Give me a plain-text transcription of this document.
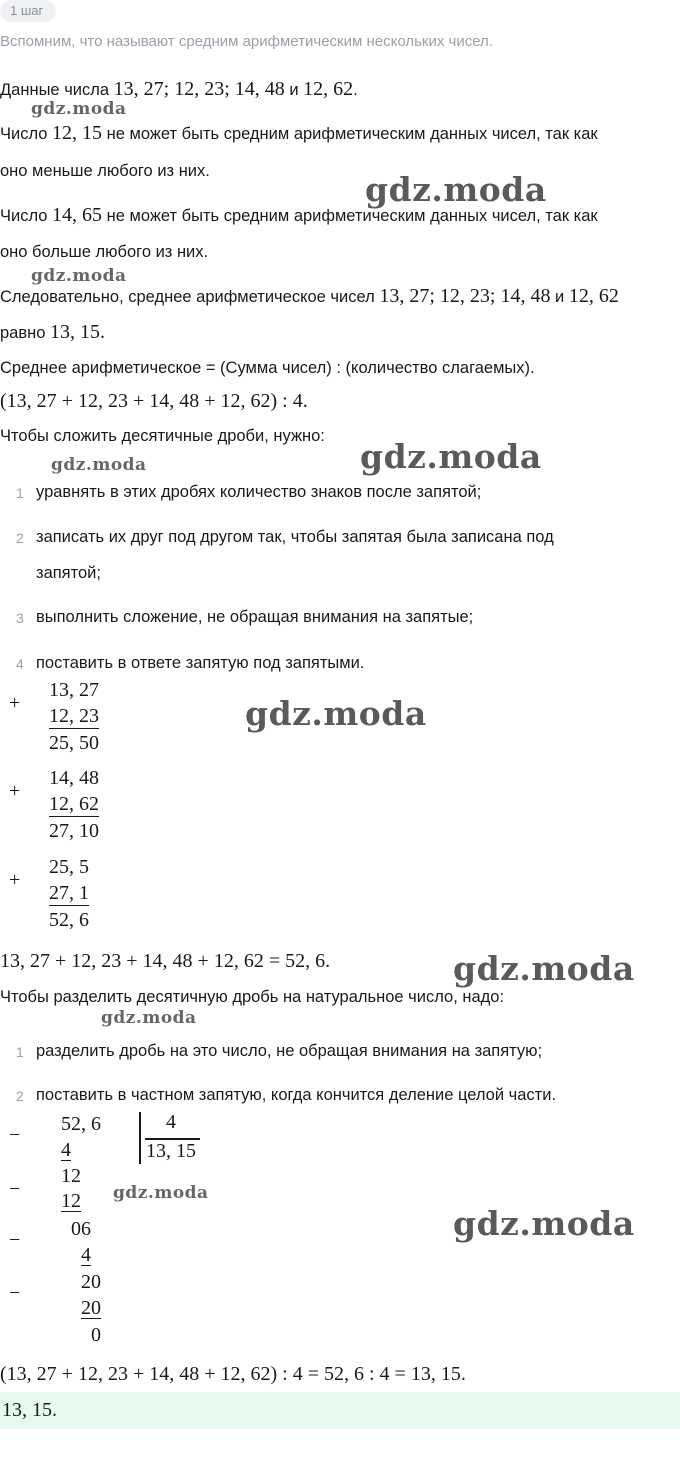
1 шаг
Вспомним, что называют средним арифметическим нескольких чисел.
Данные числа 13, 27; 12, 23; 14, 48 и 12, 62.
Число 12, 15 не может быть средним арифметическим данных чисел, так как
оно меньше любого из них.
Число 14, 65 не может быть средним арифметическим данных чисел, так как
оно больше любого из них.
Следовательно, среднее арифметическое чисел 13, 27; 12, 23; 14, 48 и 12, 62
равно 13, 15.
Среднее арифметическое = (Сумма чисел) : (количество слагаемых).
(13, 27 + 12, 23 + 14, 48 + 12, 62) : 4.
Чтобы сложить десятичные дроби, нужно:
1 уравнять в этих дробях количество знаков после запятой;
2 записать их друг под другом так, чтобы запятая была записана под
запятой;
3 выполнить сложение, не обращая внимания на запятые;
4 поставить в ответе запятую под запятыми.
+
13, 27
12, 23
25, 50
+
14, 48
12, 62
27, 10
+
25, 5
27, 1
52, 6
13, 27 + 12, 23 + 14, 48 + 12, 62 = 52, 6.
Чтобы разделить десятичную дробь на натуральное число, надо:
1 разделить дробь на это число, не обращая внимания на запятую;
2 поставить в частном запятую, когда кончится деление целой части.
−
−
−
−
52, 6	4
13, 15
4
12
12
06
4
20
20
0
(13, 27 + 12, 23 + 14, 48 + 12, 62) : 4 = 52, 6 : 4 = 13, 15.
13, 15.
gdz.moda
gdz.moda
gdz.moda
gdz.moda	gdz.moda
gdz.moda
gdz.moda
gdz.moda
gdz.moda
gdz.moda
